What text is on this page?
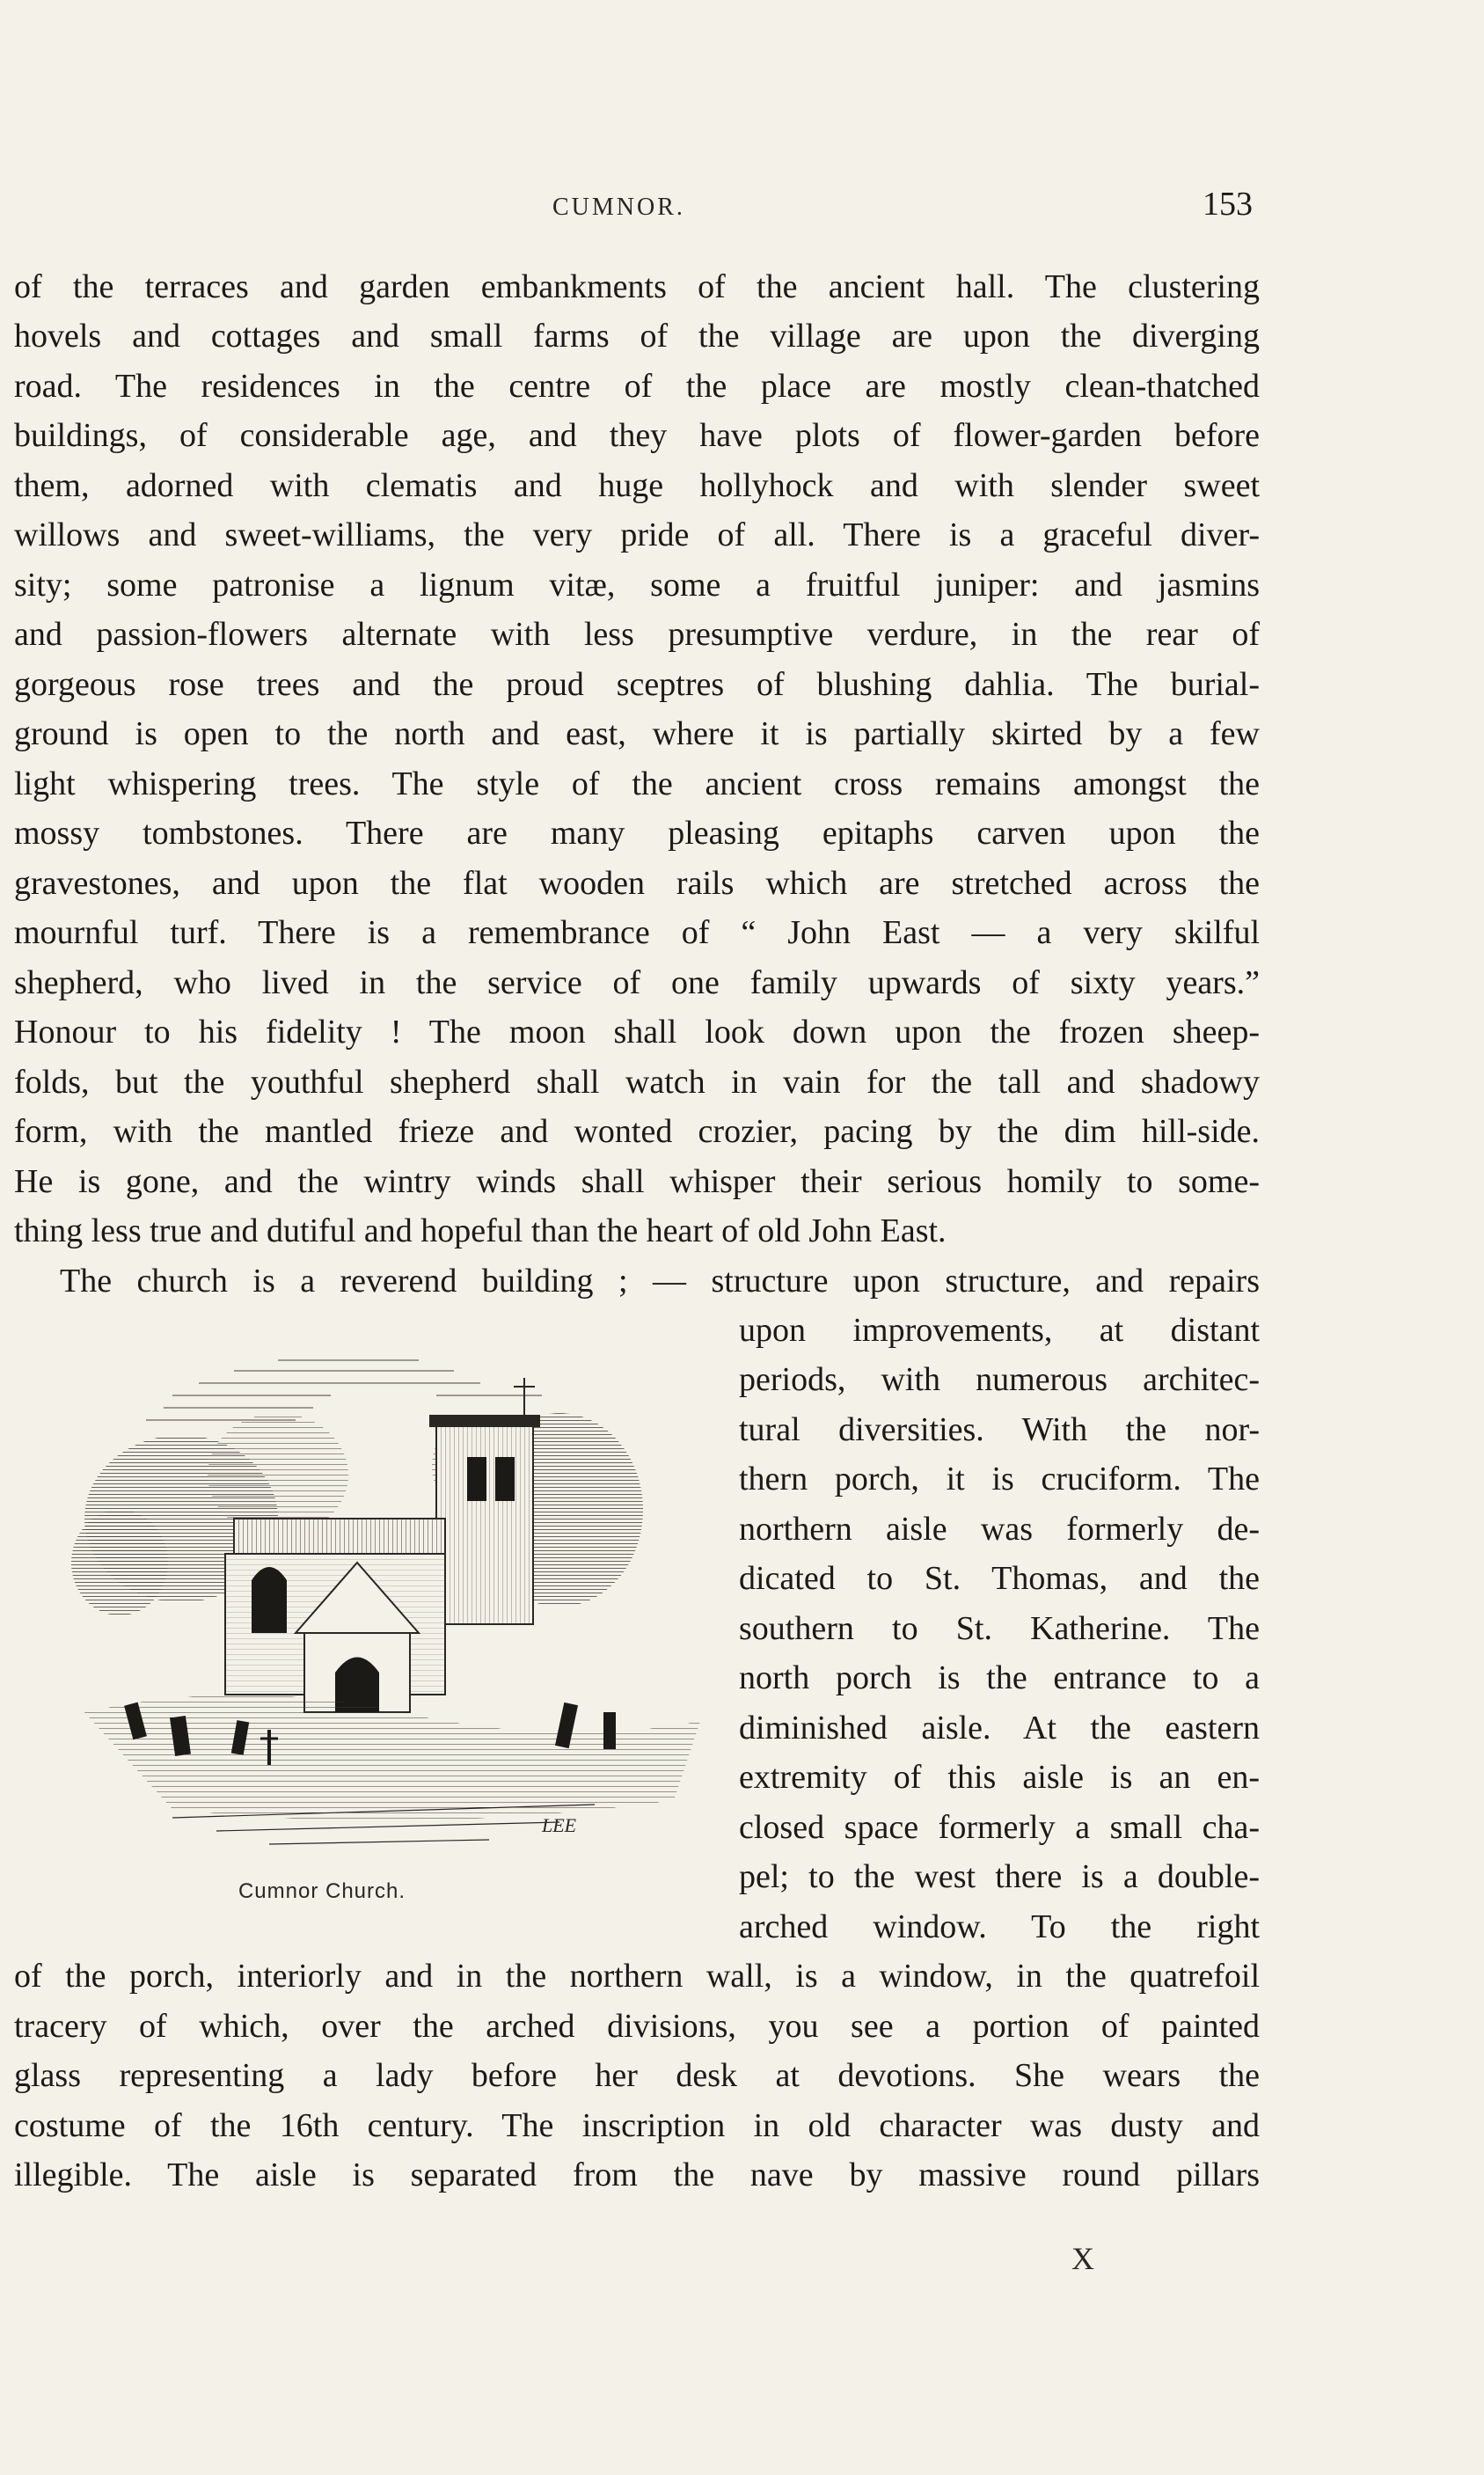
CUMNOR.	153
of the terraces and garden embankments of the ancient hall. The clustering
hovels and cottages and small farms of the village are upon the diverging
road. The residences in the centre of the place are mostly clean-thatched
buildings, of considerable age, and they have plots of flower-garden before
them, adorned with clematis and huge hollyhock and with slender sweet
willows and sweet-williams, the very pride of all. There is a graceful diver-
sity; some patronise a lignum vitæ, some a fruitful juniper: and jasmins
and passion-flowers alternate with less presumptive verdure, in the rear of
gorgeous rose trees and the proud sceptres of blushing dahlia. The burial-
ground is open to the north and east, where it is partially skirted by a few
light whispering trees. The style of the ancient cross remains amongst the
mossy tombstones. There are many pleasing epitaphs carven upon the
gravestones, and upon the flat wooden rails which are stretched across the
mournful turf. There is a remembrance of “ John East — a very skilful
shepherd, who lived in the service of one family upwards of sixty years.”
Honour to his fidelity ! The moon shall look down upon the frozen sheep-
folds, but the youthful shepherd shall watch in vain for the tall and shadowy
form, with the mantled frieze and wonted crozier, pacing by the dim hill-side.
He is gone, and the wintry winds shall whisper their serious homily to some-
thing less true and dutiful and hopeful than the heart of old John East.
The church is a reverend building ; — structure upon structure, and repairs
upon improvements, at distant
periods, with numerous architec-
tural diversities. With the nor-
thern porch, it is cruciform. The
northern aisle was formerly de-
dicated to St. Thomas, and the
southern to St. Katherine. The
north porch is the entrance to a
diminished aisle. At the eastern
extremity of this aisle is an en-
closed space formerly a small cha-
pel; to the west there is a double-
arched window. To the right
of the porch, interiorly and in the northern wall, is a window, in the quatrefoil
tracery of which, over the arched divisions, you see a portion of painted
glass representing a lady before her desk at devotions. She wears the
costume of the 16th century. The inscription in old character was dusty and
illegible. The aisle is separated from the nave by massive round pillars
LEE
Cumnor Church.
X
